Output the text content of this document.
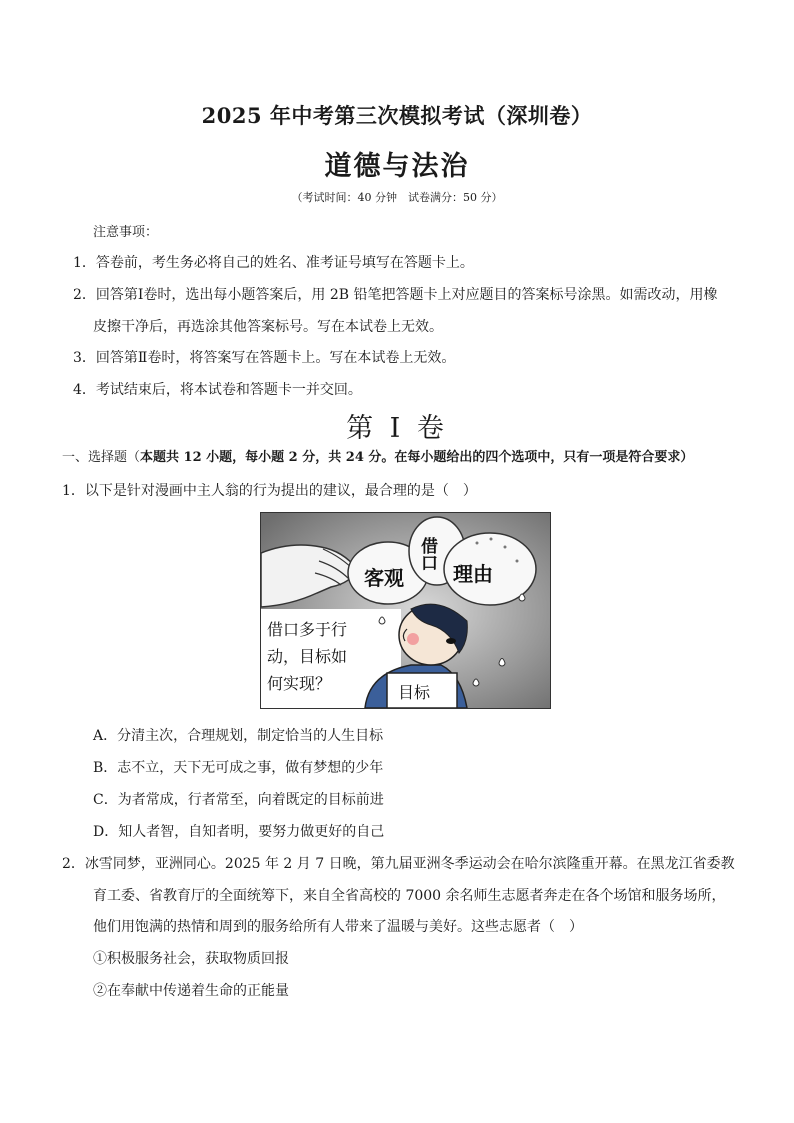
2025 年中考第三次模拟考试（深圳卷）
道德与法治
（考试时间：40 分钟　试卷满分：50 分）
注意事项：
1．答卷前，考生务必将自己的姓名、准考证号填写在答题卡上。
2．回答第Ⅰ卷时，选出每小题答案后，用 2B 铅笔把答题卡上对应题目的答案标号涂黑。如需改动，用橡
皮擦干净后，再选涂其他答案标号。写在本试卷上无效。
3．回答第Ⅱ卷时，将答案写在答题卡上。写在本试卷上无效。
4．考试结束后，将本试卷和答题卡一并交回。
第 I 卷
一、选择题（本题共 12 小题，每小题 2 分，共 24 分。在每小题给出的四个选项中，只有一项是符合要求）
1．以下是针对漫画中主人翁的行为提出的建议，最合理的是（　）
客观
借口
理由
目标
借口多于行
动，目标如
何实现？
A．分清主次，合理规划，制定恰当的人生目标
B．志不立，天下无可成之事，做有梦想的少年
C．为者常成，行者常至，向着既定的目标前进
D．知人者智，自知者明，要努力做更好的自己
2．冰雪同梦，亚洲同心。2025 年 2 月 7 日晚，第九届亚洲冬季运动会在哈尔滨隆重开幕。在黑龙江省委教
育工委、省教育厅的全面统筹下，来自全省高校的 7000 余名师生志愿者奔走在各个场馆和服务场所，
他们用饱满的热情和周到的服务给所有人带来了温暖与美好。这些志愿者（　）
①积极服务社会，获取物质回报
②在奉献中传递着生命的正能量
